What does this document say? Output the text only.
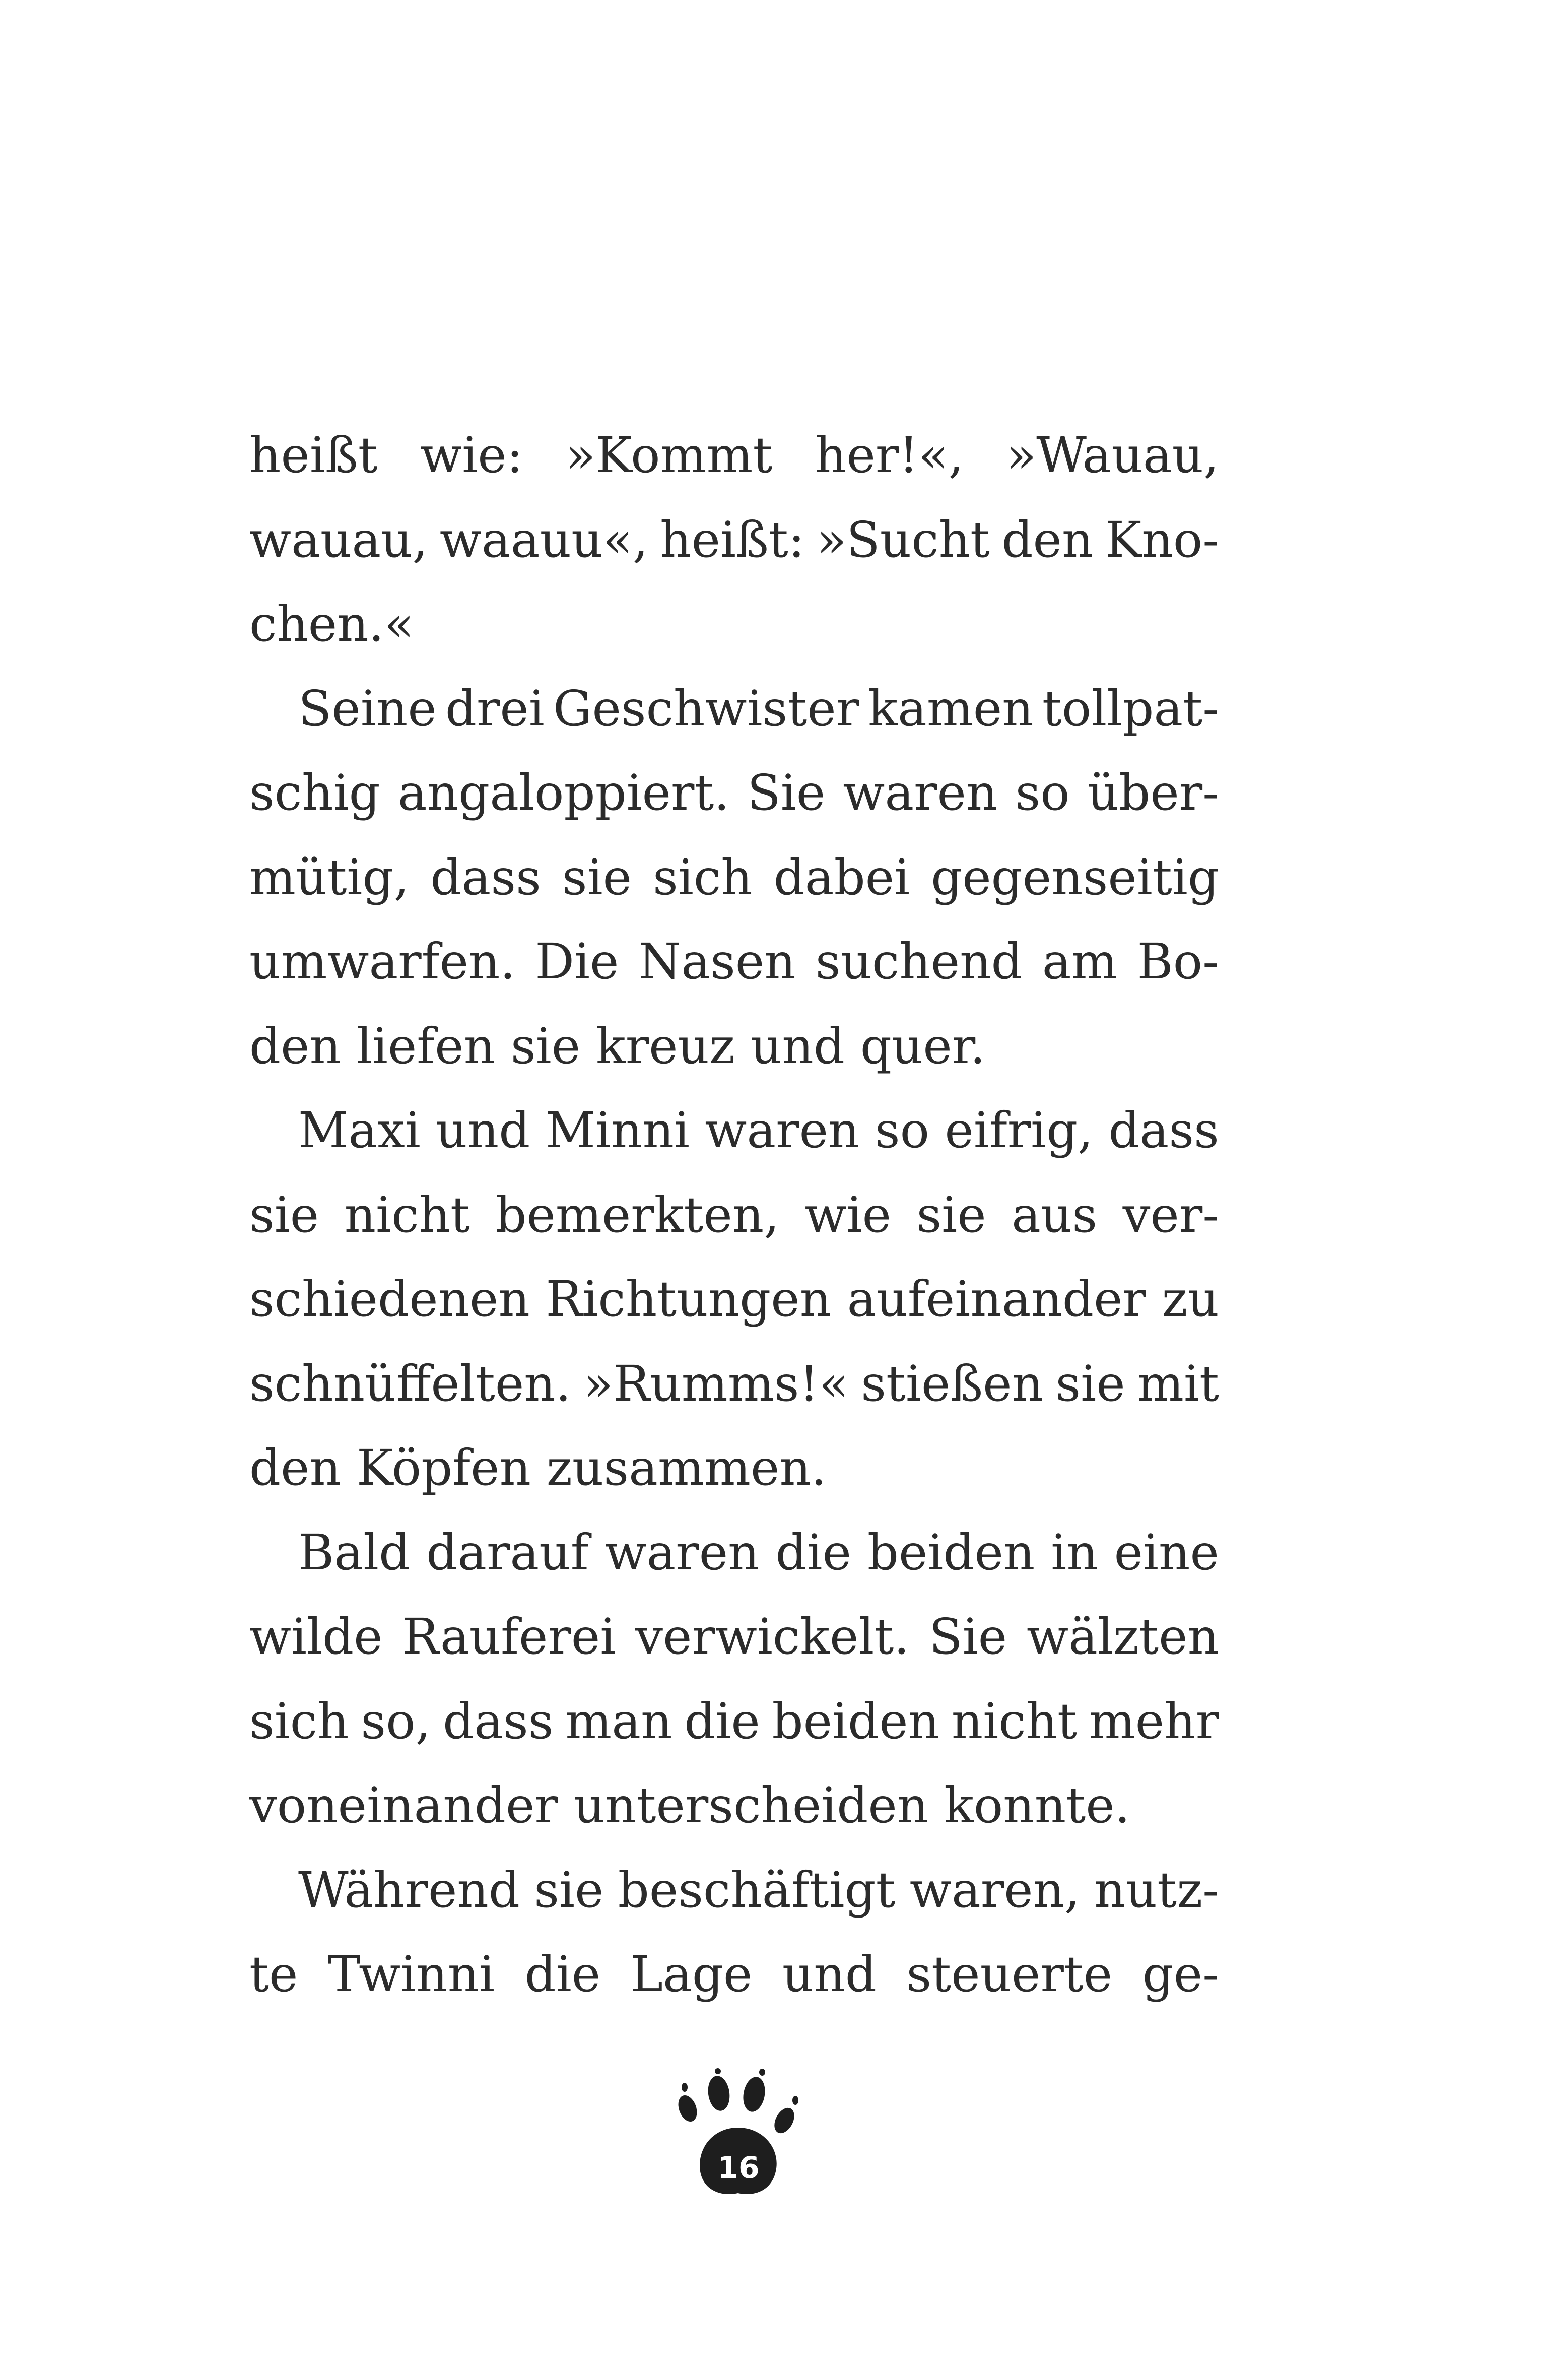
heißt wie: »Kommt her!«, »Wauau,
wauau, waauu«, heißt: »Sucht den Kno-
chen.«
Seine drei Geschwister kamen tollpat-
schig angaloppiert. Sie waren so über-
mütig, dass sie sich dabei gegenseitig
umwarfen. Die Nasen suchend am Bo-
den liefen sie kreuz und quer.
Maxi und Minni waren so eifrig, dass
sie nicht bemerkten, wie sie aus ver-
schiedenen Richtungen aufeinander zu
schnüffelten. »Rumms!« stießen sie mit
den Köpfen zusammen.
Bald darauf waren die beiden in eine
wilde Rauferei verwickelt. Sie wälzten
sich so, dass man die beiden nicht mehr
voneinander unterscheiden konnte.
Während sie beschäftigt waren, nutz-
te Twinni die Lage und steuerte ge-
16
